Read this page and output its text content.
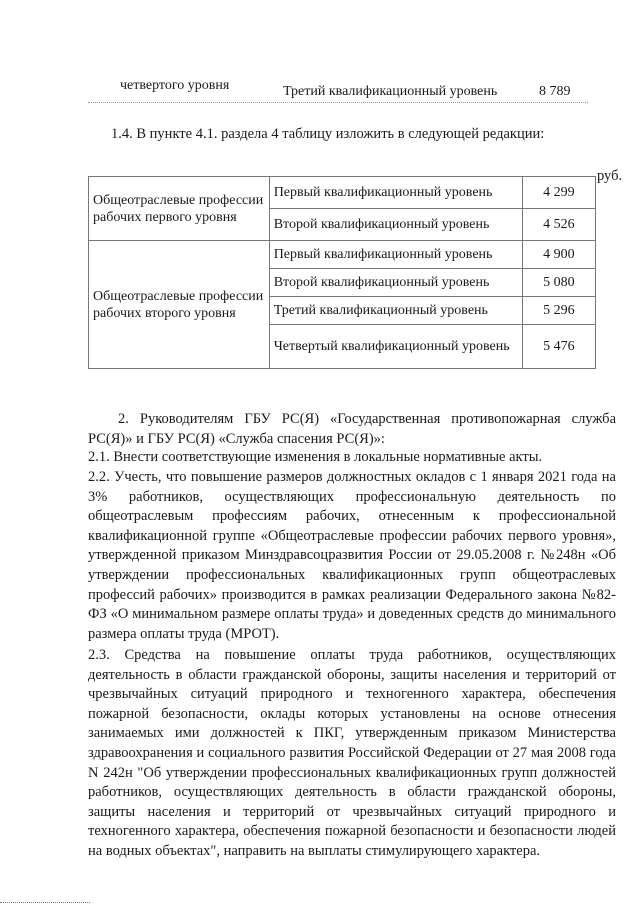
четвертого уровня	Третий квалификационный уровень	8 789
1.4. В пункте 4.1. раздела 4 таблицу изложить в следующей редакции:
руб.
Общеотраслевые профессии рабочих первого уровня	Первый квалификационный уровень	4 299
	Второй квалификационный уровень	4 526
Общеотраслевые профессии рабочих второго уровня	Первый квалификационный уровень	4 900
	Второй квалификационный уровень	5 080
	Третий квалификационный уровень	5 296
	Четвертый квалификационный уровень	5 476
2. Руководителям ГБУ РС(Я) «Государственная противопожарная служба РС(Я)» и ГБУ РС(Я) «Служба спасения РС(Я)»:
2.1. Внести соответствующие изменения в локальные нормативные акты.
2.2. Учесть, что повышение размеров должностных окладов с 1 января 2021 года на 3% работников, осуществляющих профессиональную деятельность по общеотраслевым профессиям рабочих, отнесенным к профессиональной квалификационной группе «Общеотраслевые профессии рабочих первого уровня», утвержденной приказом Минздравсоцразвития России от 29.05.2008 г. №248н «Об утверждении профессиональных квалификационных групп общеотраслевых профессий рабочих» производится в рамках реализации Федерального закона №82-ФЗ «О минимальном размере оплаты труда» и доведенных средств до минимального размера оплаты труда (МРОТ).
2.3. Средства на повышение оплаты труда работников, осуществляющих деятельность в области гражданской обороны, защиты населения и территорий от чрезвычайных ситуаций природного и техногенного характера, обеспечения пожарной безопасности, оклады которых установлены на основе отнесения занимаемых ими должностей к ПКГ, утвержденным приказом Министерства здравоохранения и социального развития Российской Федерации от 27 мая 2008 года N 242н "Об утверждении профессиональных квалификационных групп должностей работников, осуществляющих деятельность в области гражданской обороны, защиты населения и территорий от чрезвычайных ситуаций природного и техногенного характера, обеспечения пожарной безопасности и безопасности людей на водных объектах", направить на выплаты стимулирующего характера.
